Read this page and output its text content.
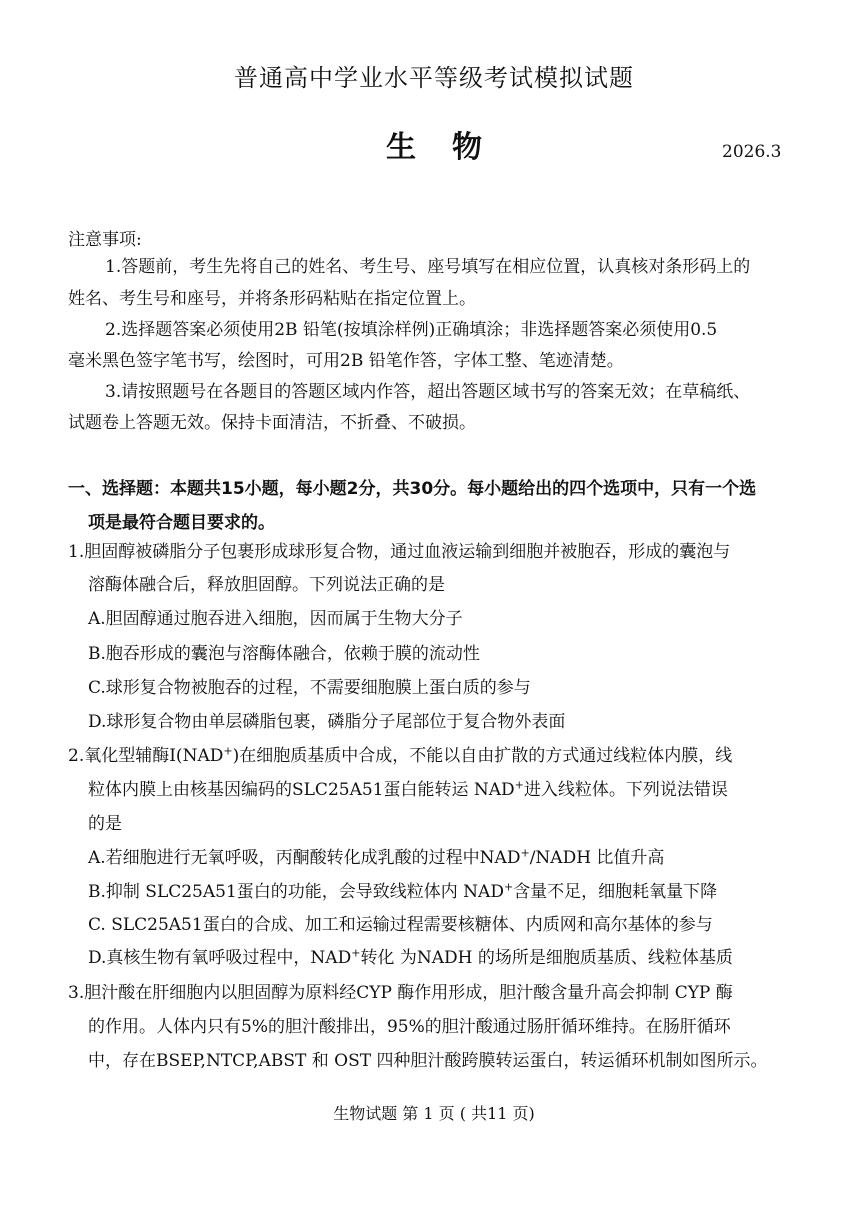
普通高中学业水平等级考试模拟试题
生物	2026.3
注意事项:
1.答题前，考生先将自己的姓名、考生号、座号填写在相应位置，认真核对条形码上的
姓名、考生号和座号，并将条形码粘贴在指定位置上。
2.选择题答案必须使用2B 铅笔(按填涂样例)正确填涂；非选择题答案必须使用0.5
毫米黑色签字笔书写，绘图时，可用2B 铅笔作答，字体工整、笔迹清楚。
3.请按照题号在各题目的答题区域内作答，超出答题区域书写的答案无效；在草稿纸、
试题卷上答题无效。保持卡面清洁，不折叠、不破损。
一、选择题：本题共15小题，每小题2分，共30分。每小题给出的四个选项中，只有一个选
项是最符合题目要求的。
1.胆固醇被磷脂分子包裹形成球形复合物，通过血液运输到细胞并被胞吞，形成的囊泡与
溶酶体融合后，释放胆固醇。下列说法正确的是
A.胆固醇通过胞吞进入细胞，因而属于生物大分子
B.胞吞形成的囊泡与溶酶体融合，依赖于膜的流动性
C.球形复合物被胞吞的过程，不需要细胞膜上蛋白质的参与
D.球形复合物由单层磷脂包裹，磷脂分子尾部位于复合物外表面
2.氧化型辅酶Ⅰ(NAD+)在细胞质基质中合成，不能以自由扩散的方式通过线粒体内膜，线
粒体内膜上由核基因编码的SLC25A51蛋白能转运 NAD+进入线粒体。下列说法错误
的是
A.若细胞进行无氧呼吸，丙酮酸转化成乳酸的过程中NAD+/NADH 比值升高
B.抑制 SLC25A51蛋白的功能，会导致线粒体内 NAD+含量不足，细胞耗氧量下降
C. SLC25A51蛋白的合成、加工和运输过程需要核糖体、内质网和高尔基体的参与
D.真核生物有氧呼吸过程中，NAD+转化 为NADH 的场所是细胞质基质、线粒体基质
3.胆汁酸在肝细胞内以胆固醇为原料经CYP 酶作用形成，胆汁酸含量升高会抑制 CYP 酶
的作用。人体内只有5%的胆汁酸排出，95%的胆汁酸通过肠肝循环维持。在肠肝循环
中，存在BSEP,NTCP,ABST 和 OST 四种胆汁酸跨膜转运蛋白，转运循环机制如图所示。
生物试题 第 1 页 ( 共11 页)
